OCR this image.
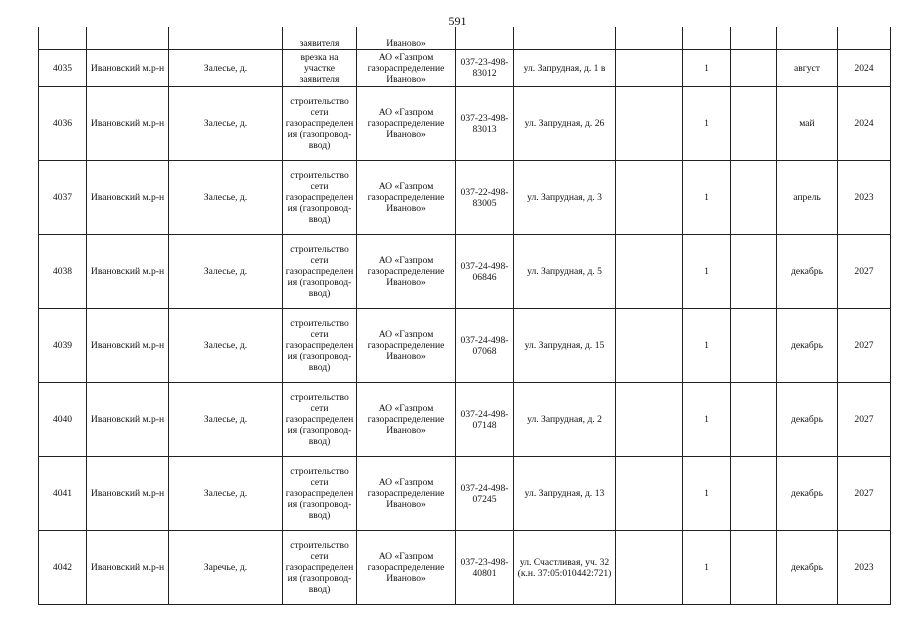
591
			заявителя	Иваново»							
4035	Ивановский м.р-н	Залесье, д.	врезка на участке заявителя	АО «Газпром газораспределение Иваново»	037-23-498-83012	ул. Запрудная, д. 1 в		1		август	2024
4036	Ивановский м.р-н	Залесье, д.	строительство сети газораспределения (газопровод-ввод)	АО «Газпром газораспределение Иваново»	037-23-498-83013	ул. Запрудная, д. 26		1		май	2024
4037	Ивановский м.р-н	Залесье, д.	строительство сети газораспределения (газопровод-ввод)	АО «Газпром газораспределение Иваново»	037-22-498-83005	ул. Запрудная, д. 3		1		апрель	2023
4038	Ивановский м.р-н	Залесье, д.	строительство сети газораспределения (газопровод-ввод)	АО «Газпром газораспределение Иваново»	037-24-498-06846	ул. Запрудная, д. 5		1		декабрь	2027
4039	Ивановский м.р-н	Залесье, д.	строительство сети газораспределения (газопровод-ввод)	АО «Газпром газораспределение Иваново»	037-24-498-07068	ул. Запрудная, д. 15		1		декабрь	2027
4040	Ивановский м.р-н	Залесье, д.	строительство сети газораспределения (газопровод-ввод)	АО «Газпром газораспределение Иваново»	037-24-498-07148	ул. Запрудная, д. 2		1		декабрь	2027
4041	Ивановский м.р-н	Залесье, д.	строительство сети газораспределения (газопровод-ввод)	АО «Газпром газораспределение Иваново»	037-24-498-07245	ул. Запрудная, д. 13		1		декабрь	2027
4042	Ивановский м.р-н	Заречье, д.	строительство сети газораспределения (газопровод-ввод)	АО «Газпром газораспределение Иваново»	037-23-498-40801	ул. Счастливая, уч. 32 (к.н. 37:05:010442:721)		1		декабрь	2023
